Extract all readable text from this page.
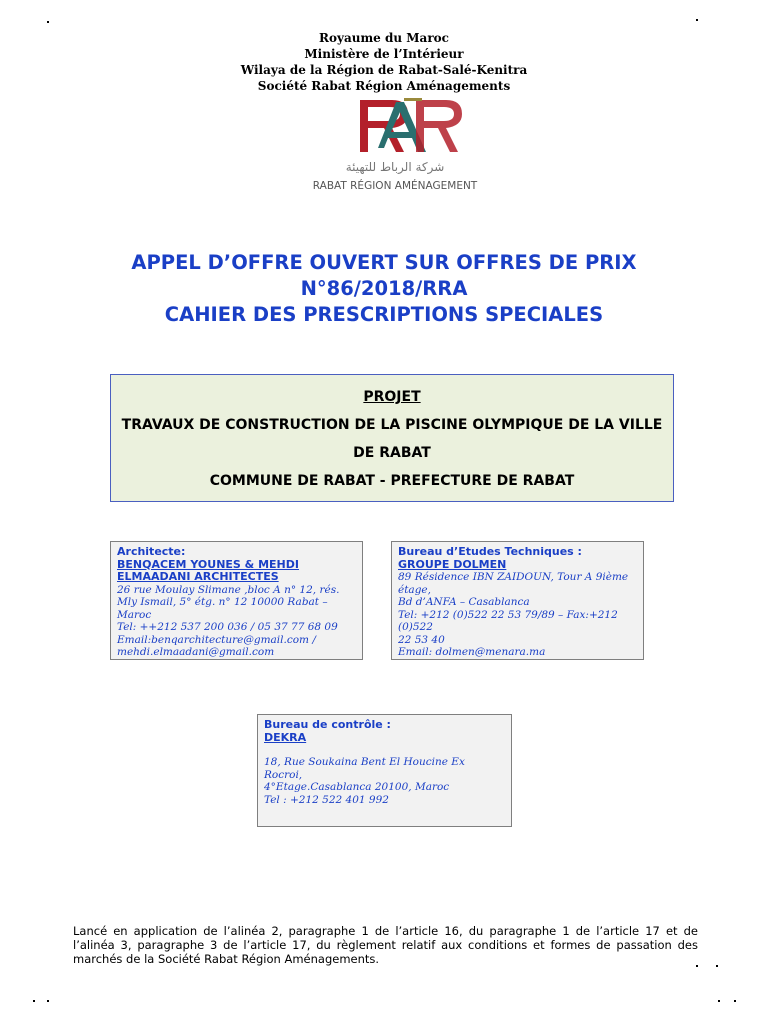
Royaume du Maroc
Ministère de l’Intérieur
Wilaya de la Région de Rabat-Salé-Kenitra
Société Rabat Région Aménagements
شركة الرباط للتهيئة
RABAT RÉGION AMÉNAGEMENT
APPEL D’OFFRE OUVERT SUR OFFRES DE PRIX
N°86/2018/RRA
CAHIER DES PRESCRIPTIONS SPECIALES
PROJET
TRAVAUX DE CONSTRUCTION DE LA PISCINE OLYMPIQUE DE LA VILLE
DE RABAT
COMMUNE DE RABAT - PREFECTURE DE RABAT
Architecte:
BENQACEM YOUNES & MEHDI
ELMAADANI ARCHITECTES
26 rue Moulay Slimane ,bloc A n° 12, rés.
Mly Ismail, 5° étg. n° 12 10000 Rabat –Maroc
Tel: ++212 537 200 036 / 05 37 77 68 09
Email:benqarchitecture@gmail.com /
mehdi.elmaadani@gmail.com
Bureau d’Etudes Techniques :
GROUPE DOLMEN
89 Résidence IBN ZAIDOUN, Tour A 9ième étage,
Bd d’ANFA – Casablanca
Tel: +212 (0)522 22 53 79/89 – Fax:+212 (0)522
22 53 40
Email: dolmen@menara.ma
Bureau de contrôle :
DEKRA
18, Rue Soukaina Bent El Houcine Ex Rocroi,
4°Etage.Casablanca 20100, Maroc
Tel : +212 522 401 992
Lancé en application de l’alinéa 2, paragraphe 1 de l’article 16, du paragraphe 1 de l’article 17 et de l’alinéa 3, paragraphe 3 de l’article 17, du règlement relatif aux conditions et formes de passation des marchés de la Société Rabat Région Aménagements.
